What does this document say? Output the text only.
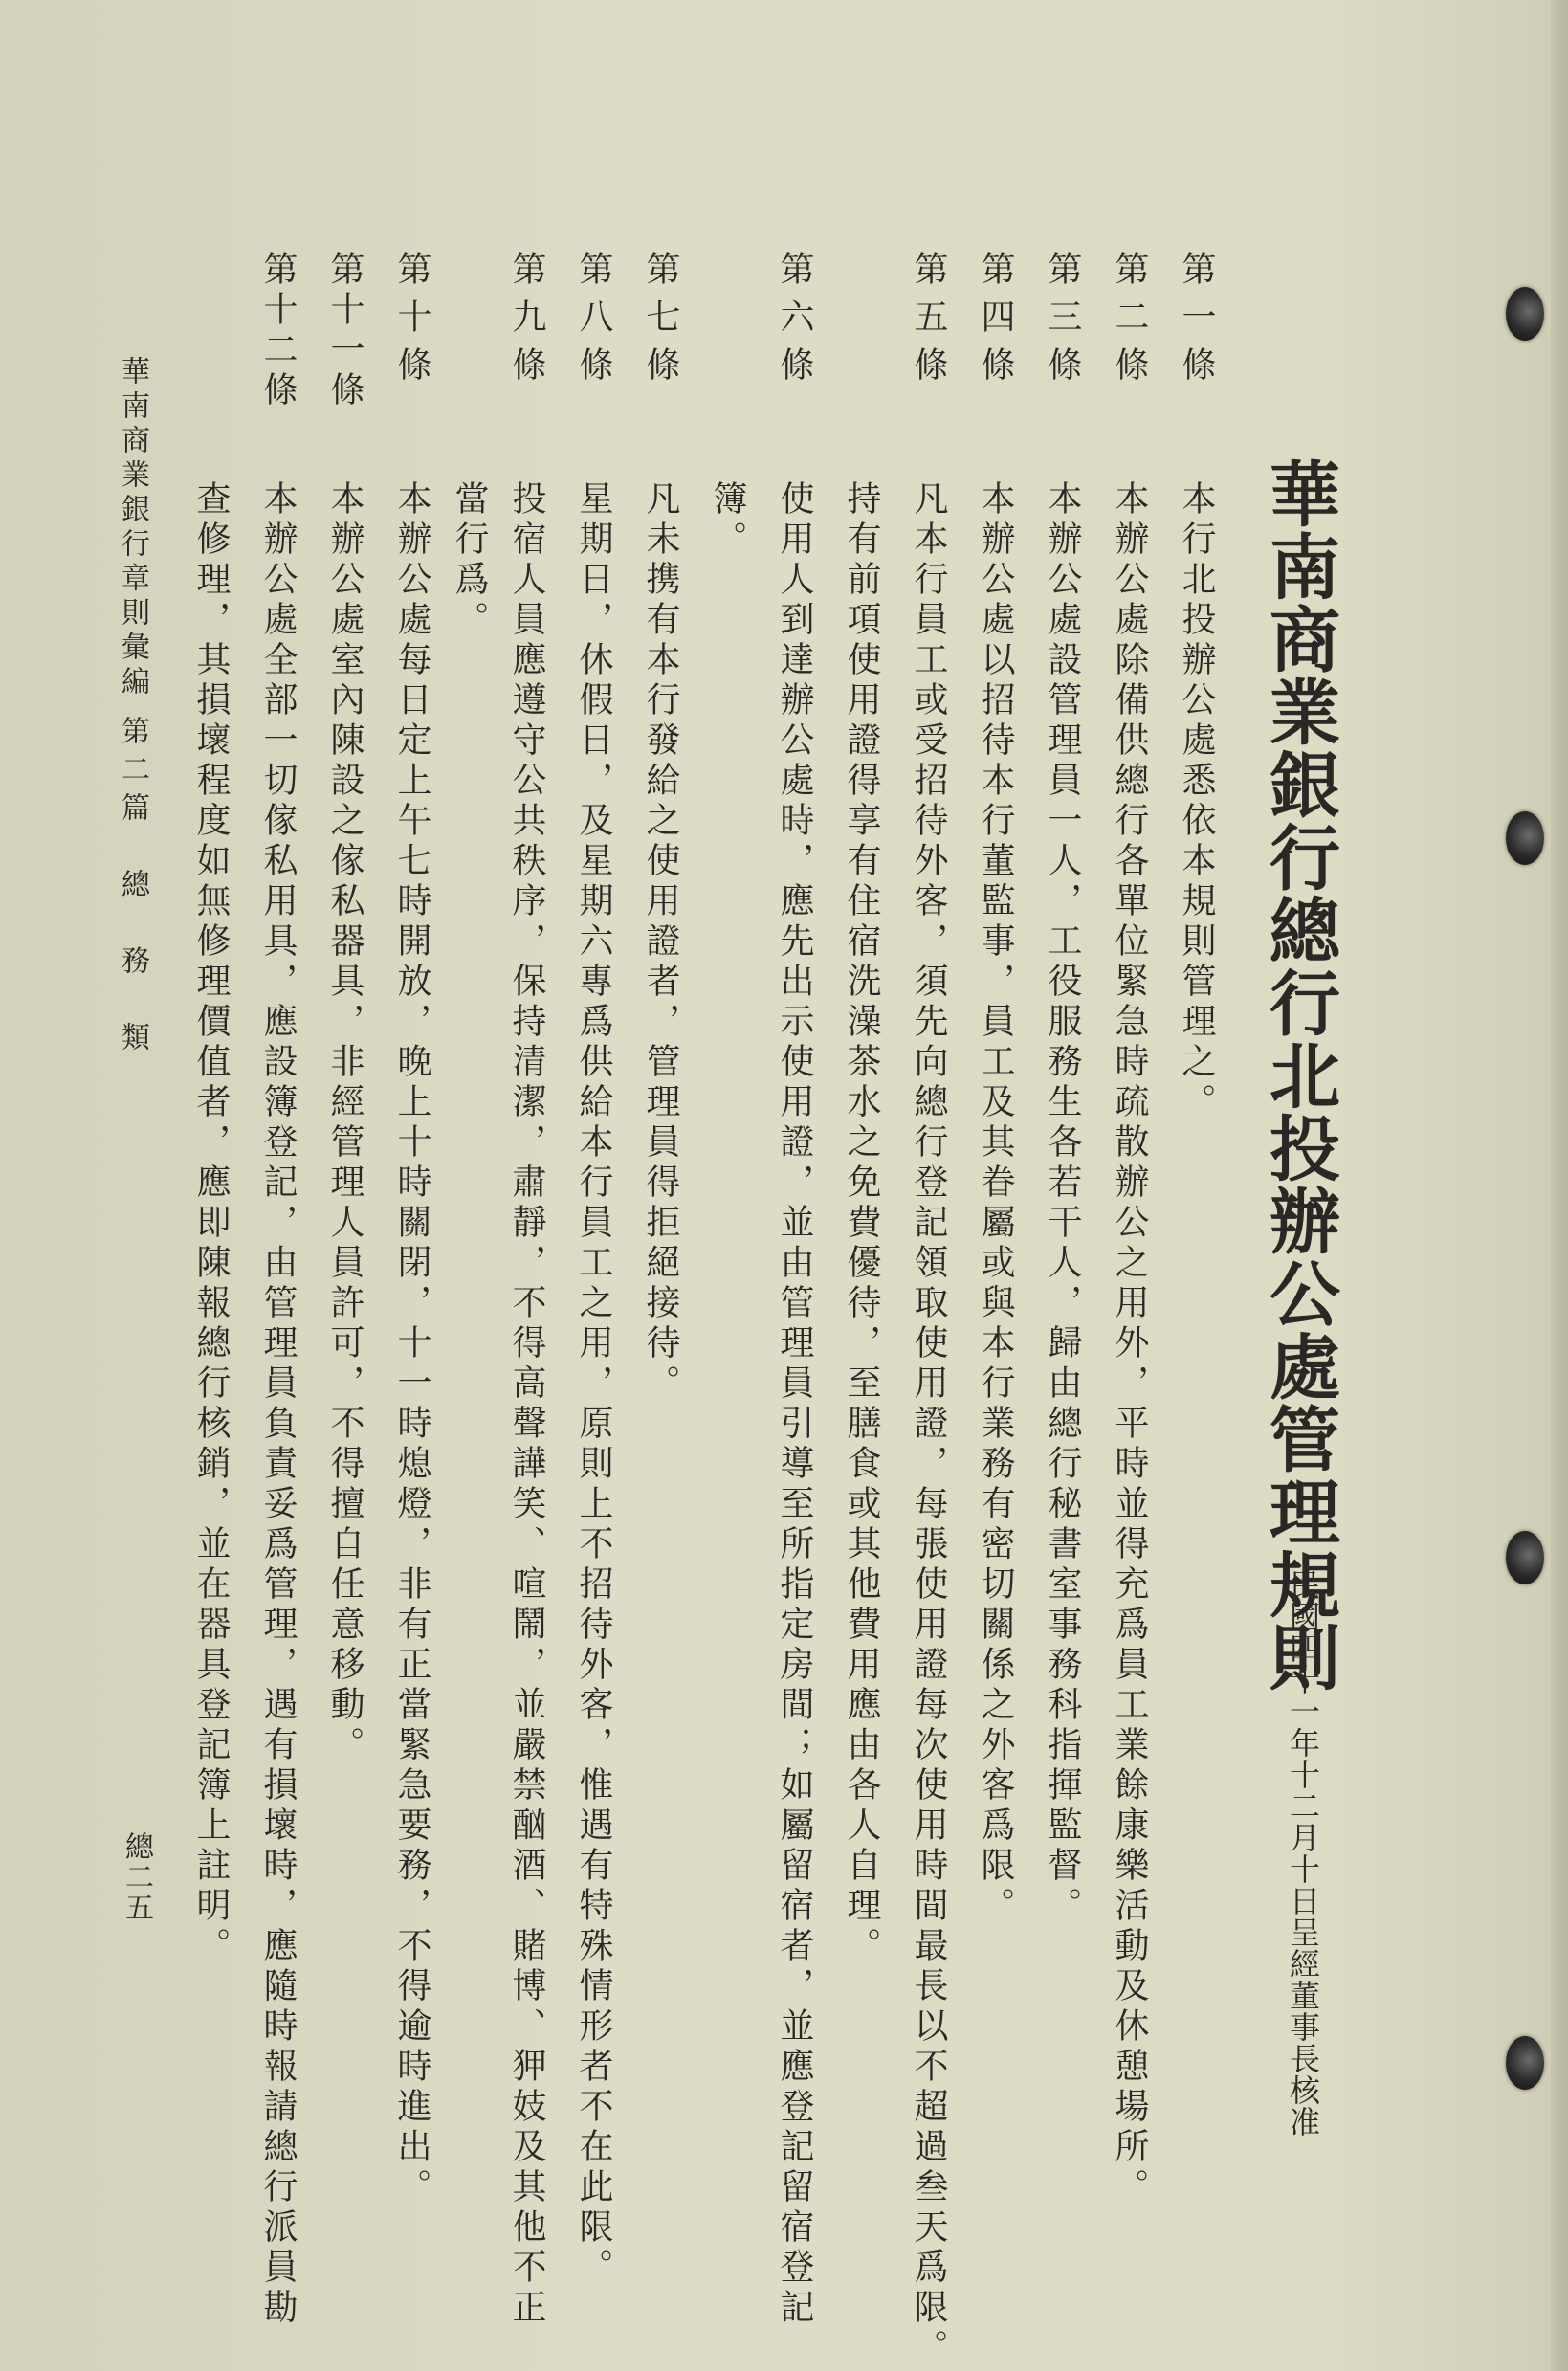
華南商業銀行總行北投辦公處管理規則
民國四十一年十二月十日呈經董事長核准
第一條
本行北投辦公處悉依本規則管理之。
第二條
本辦公處除備供總行各單位緊急時疏散辦公之用外，平時並得充爲員工業餘康樂活動及休憩場所。
第三條
本辦公處設管理員一人，工役服務生各若干人，歸由總行秘書室事務科指揮監督。
第四條
本辦公處以招待本行董監事，員工及其眷屬或與本行業務有密切關係之外客爲限。
第五條
凡本行員工或受招待外客，須先向總行登記領取使用證，每張使用證每次使用時間最長以不超過叁天爲限。
持有前項使用證得享有住宿洗澡茶水之免費優待，至膳食或其他費用應由各人自理。
第六條
使用人到達辦公處時，應先出示使用證，並由管理員引導至所指定房間；如屬留宿者，並應登記留宿登記
簿。
第七條
凡未携有本行發給之使用證者，管理員得拒絕接待。
第八條
星期日，休假日，及星期六專爲供給本行員工之用，原則上不招待外客，惟遇有特殊情形者不在此限。
第九條
投宿人員應遵守公共秩序，保持清潔，肅靜，不得高聲譁笑、喧鬧，並嚴禁酗酒、賭博、狎妓及其他不正
當行爲。
第十條
本辦公處每日定上午七時開放，晚上十時關閉，十一時熄燈，非有正當緊急要務，不得逾時進出。
第十一條
本辦公處室內陳設之傢私器具，非經管理人員許可，不得擅自任意移動。
第十二條
本辦公處全部一切傢私用具，應設簿登記，由管理員負責妥爲管理，遇有損壞時，應隨時報請總行派員勘
查修理，其損壞程度如無修理價值者，應即陳報總行核銷，並在器具登記簿上註明。
華南商業銀行章則彙編
第二篇　總　務　類
總二五
